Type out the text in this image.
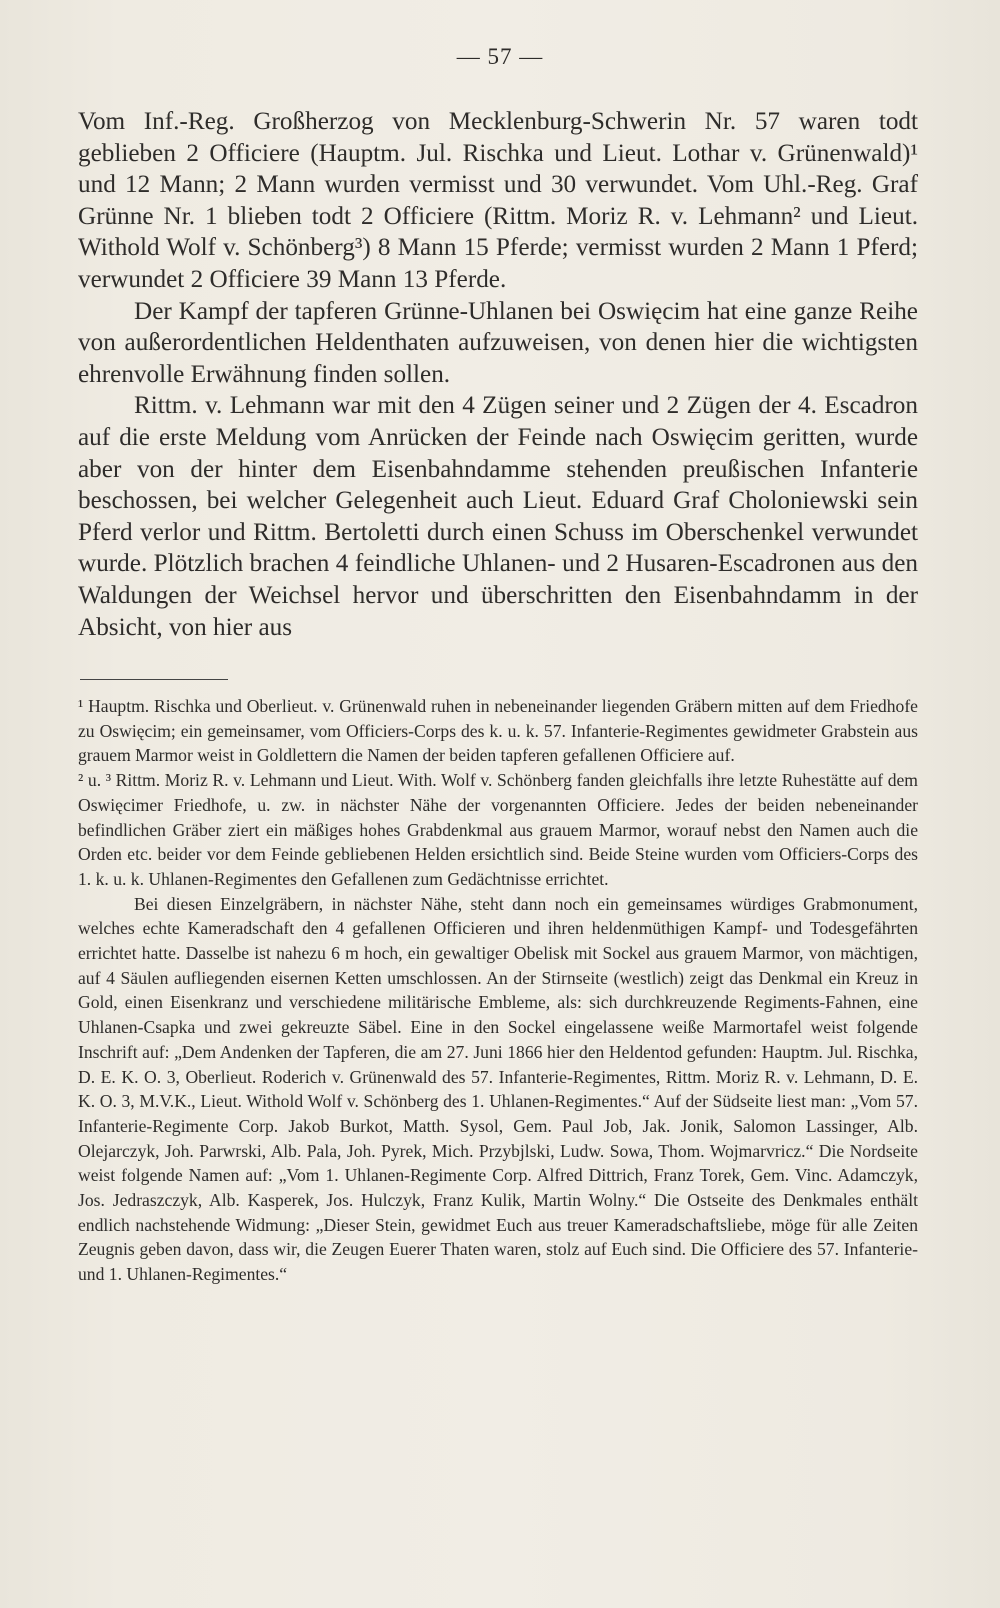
— 57 —

Vom Inf.-Reg. Großherzog von Mecklenburg-Schwerin Nr. 57 waren todt geblieben 2 Officiere (Hauptm. Jul. Rischka und Lieut. Lothar v. Grünenwald)¹ und 12 Mann; 2 Mann wurden vermisst und 30 verwundet. Vom Uhl.-Reg. Graf Grünne Nr. 1 blieben todt 2 Officiere (Rittm. Moriz R. v. Lehmann² und Lieut. Withold Wolf v. Schönberg³) 8 Mann 15 Pferde; vermisst wurden 2 Mann 1 Pferd; verwundet 2 Officiere 39 Mann 13 Pferde.

Der Kampf der tapferen Grünne-Uhlanen bei Oswięcim hat eine ganze Reihe von außerordentlichen Heldenthaten aufzuweisen, von denen hier die wichtigsten ehrenvolle Erwähnung finden sollen.

Rittm. v. Lehmann war mit den 4 Zügen seiner und 2 Zügen der 4. Escadron auf die erste Meldung vom Anrücken der Feinde nach Oswięcim geritten, wurde aber von der hinter dem Eisenbahndamme stehenden preußischen Infanterie beschossen, bei welcher Gelegenheit auch Lieut. Eduard Graf Choloniewski sein Pferd verlor und Rittm. Bertoletti durch einen Schuss im Oberschenkel verwundet wurde. Plötzlich brachen 4 feindliche Uhlanen- und 2 Husaren-Escadronen aus den Waldungen der Weichsel hervor und überschritten den Eisenbahndamm in der Absicht, von hier aus

¹ Hauptm. Rischka und Oberlieut. v. Grünenwald ruhen in nebeneinander liegenden Gräbern mitten auf dem Friedhofe zu Oswięcim; ein gemeinsamer, vom Officiers-Corps des k. u. k. 57. Infanterie-Regimentes gewidmeter Grabstein aus grauem Marmor weist in Goldlettern die Namen der beiden tapferen gefallenen Officiere auf.

² u. ³ Rittm. Moriz R. v. Lehmann und Lieut. With. Wolf v. Schönberg fanden gleichfalls ihre letzte Ruhestätte auf dem Oswięcimer Friedhofe, u. zw. in nächster Nähe der vorgenannten Officiere. Jedes der beiden nebeneinander befindlichen Gräber ziert ein mäßiges hohes Grabdenkmal aus grauem Marmor, worauf nebst den Namen auch die Orden etc. beider vor dem Feinde gebliebenen Helden ersichtlich sind. Beide Steine wurden vom Officiers-Corps des 1. k. u. k. Uhlanen-Regimentes den Gefallenen zum Gedächtnisse errichtet.

Bei diesen Einzelgräbern, in nächster Nähe, steht dann noch ein gemeinsames würdiges Grabmonument, welches echte Kameradschaft den 4 gefallenen Officieren und ihren heldenmüthigen Kampf- und Todesgefährten errichtet hatte. Dasselbe ist nahezu 6 m hoch, ein gewaltiger Obelisk mit Sockel aus grauem Marmor, von mächtigen, auf 4 Säulen aufliegenden eisernen Ketten umschlossen. An der Stirnseite (westlich) zeigt das Denkmal ein Kreuz in Gold, einen Eisenkranz und verschiedene militärische Embleme, als: sich durchkreuzende Regiments-Fahnen, eine Uhlanen-Csapka und zwei gekreuzte Säbel. Eine in den Sockel eingelassene weiße Marmortafel weist folgende Inschrift auf: „Dem Andenken der Tapferen, die am 27. Juni 1866 hier den Heldentod gefunden: Hauptm. Jul. Rischka, D. E. K. O. 3, Oberlieut. Roderich v. Grünenwald des 57. Infanterie-Regimentes, Rittm. Moriz R. v. Lehmann, D. E. K. O. 3, M.V.K., Lieut. Withold Wolf v. Schönberg des 1. Uhlanen-Regimentes.“ Auf der Südseite liest man: „Vom 57. Infanterie-Regimente Corp. Jakob Burkot, Matth. Sysol, Gem. Paul Job, Jak. Jonik, Salomon Lassinger, Alb. Olejarczyk, Joh. Parwrski, Alb. Pala, Joh. Pyrek, Mich. Przybjlski, Ludw. Sowa, Thom. Wojmarvricz.“ Die Nordseite weist folgende Namen auf: „Vom 1. Uhlanen-Regimente Corp. Alfred Dittrich, Franz Torek, Gem. Vinc. Adamczyk, Jos. Jedraszczyk, Alb. Kasperek, Jos. Hulczyk, Franz Kulik, Martin Wolny.“ Die Ostseite des Denkmales enthält endlich nachstehende Widmung: „Dieser Stein, gewidmet Euch aus treuer Kameradschaftsliebe, möge für alle Zeiten Zeugnis geben davon, dass wir, die Zeugen Euerer Thaten waren, stolz auf Euch sind. Die Officiere des 57. Infanterie- und 1. Uhlanen-Regimentes.“
